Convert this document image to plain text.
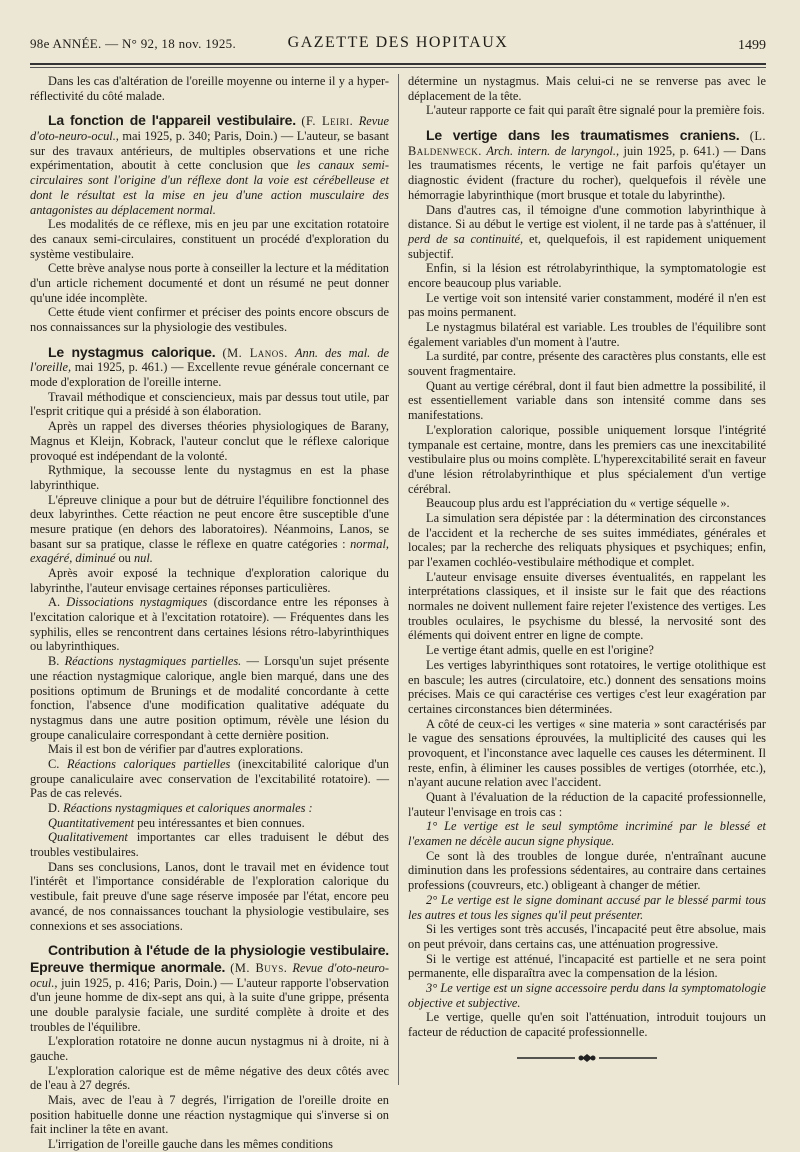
98e ANNÉE. — N° 92, 18 nov. 1925.	GAZETTE DES HOPITAUX	1499

Dans les cas d'altération de l'oreille moyenne ou interne il y a hyper-réflectivité du côté malade.

La fonction de l'appareil vestibulaire. (F. Leiri. Revue d'oto-neuro-ocul., mai 1925, p. 340; Paris, Doin.) — L'auteur, se basant sur des travaux antérieurs, de multiples observations et une riche expérimentation, aboutit à cette conclusion que les canaux semi-circulaires sont l'origine d'un réflexe dont la voie est cérébelleuse et dont le résultat est la mise en jeu d'une action musculaire des antagonistes au déplacement normal.

Les modalités de ce réflexe, mis en jeu par une excitation rotatoire des canaux semi-circulaires, constituent un procédé d'exploration du système vestibulaire.

Cette brève analyse nous porte à conseiller la lecture et la méditation d'un article richement documenté et dont un résumé ne peut donner qu'une idée incomplète.

Cette étude vient confirmer et préciser des points encore obscurs de nos connaissances sur la physiologie des vestibules.

Le nystagmus calorique. (M. Lanos. Ann. des mal. de l'oreille, mai 1925, p. 461.) — Excellente revue générale concernant ce mode d'exploration de l'oreille interne.

Travail méthodique et consciencieux, mais par dessus tout utile, par l'esprit critique qui a présidé à son élaboration.

Après un rappel des diverses théories physiologiques de Barany, Magnus et Kleijn, Kobrack, l'auteur conclut que le réflexe calorique provoqué est indépendant de la volonté.

Rythmique, la secousse lente du nystagmus en est la phase labyrinthique.

L'épreuve clinique a pour but de détruire l'équilibre fonctionnel des deux labyrinthes. Cette réaction ne peut encore être susceptible d'une mesure pratique (en dehors des laboratoires). Néanmoins, Lanos, se basant sur sa pratique, classe le réflexe en quatre catégories : normal, exagéré, diminué ou nul.

Après avoir exposé la technique d'exploration calorique du labyrinthe, l'auteur envisage certaines réponses particulières.

A. Dissociations nystagmiques (discordance entre les réponses à l'excitation calorique et à l'excitation rotatoire). — Fréquentes dans les syphilis, elles se rencontrent dans certaines lésions rétro-labyrinthiques ou labyrinthiques.

B. Réactions nystagmiques partielles. — Lorsqu'un sujet présente une réaction nystagmique calorique, angle bien marqué, dans une des positions optimum de Brunings et de modalité concordante à cette fonction, l'absence d'une modification qualitative adéquate du nystagmus dans une autre position optimum, révèle une lésion du groupe canaliculaire correspondant à cette dernière position.

Mais il est bon de vérifier par d'autres explorations.

C. Réactions caloriques partielles (inexcitabilité calorique d'un groupe canaliculaire avec conservation de l'excitabilité rotatoire). — Pas de cas relevés.

D. Réactions nystagmiques et caloriques anormales :

Quantitativement peu intéressantes et bien connues.

Qualitativement importantes car elles traduisent le début des troubles vestibulaires.

Dans ses conclusions, Lanos, dont le travail met en évidence tout l'intérêt et l'importance considérable de l'exploration calorique du vestibule, fait preuve d'une sage réserve imposée par l'état, encore peu avancé, de nos connaissances touchant la physiologie vestibulaire, ses connexions et ses associations.

Contribution à l'étude de la physiologie vestibulaire. Epreuve thermique anormale. (M. Buys. Revue d'oto-neuro-ocul., juin 1925, p. 416; Paris, Doin.) — L'auteur rapporte l'observation d'un jeune homme de dix-sept ans qui, à la suite d'une grippe, présenta une double paralysie faciale, une surdité complète à droite et des troubles de l'équilibre.

L'exploration rotatoire ne donne aucun nystagmus ni à droite, ni à gauche.

L'exploration calorique est de même négative des deux côtés avec de l'eau à 27 degrés.

Mais, avec de l'eau à 7 degrés, l'irrigation de l'oreille droite en position habituelle donne une réaction nystagmique qui s'inverse si on fait incliner la tête en avant.

L'irrigation de l'oreille gauche dans les mêmes conditions

détermine un nystagmus. Mais celui-ci ne se renverse pas avec le déplacement de la tête.

L'auteur rapporte ce fait qui paraît être signalé pour la première fois.

Le vertige dans les traumatismes craniens. (L. Baldenweck. Arch. intern. de laryngol., juin 1925, p. 641.) — Dans les traumatismes récents, le vertige ne fait parfois qu'étayer un diagnostic évident (fracture du rocher), quelquefois il révèle une hémorragie labyrinthique (mort brusque et totale du labyrinthe).

Dans d'autres cas, il témoigne d'une commotion labyrinthique à distance. Si au début le vertige est violent, il ne tarde pas à s'atténuer, il perd de sa continuité, et, quelquefois, il est rapidement uniquement subjectif.

Enfin, si la lésion est rétrolabyrinthique, la symptomatologie est encore beaucoup plus variable.

Le vertige voit son intensité varier constamment, modéré il n'en est pas moins permanent.

Le nystagmus bilatéral est variable. Les troubles de l'équilibre sont également variables d'un moment à l'autre.

La surdité, par contre, présente des caractères plus constants, elle est souvent fragmentaire.

Quant au vertige cérébral, dont il faut bien admettre la possibilité, il est essentiellement variable dans son intensité comme dans ses manifestations.

L'exploration calorique, possible uniquement lorsque l'intégrité tympanale est certaine, montre, dans les premiers cas une inexcitabilité vestibulaire plus ou moins complète. L'hyperexcitabilité serait en faveur d'une lésion rétrolabyrinthique et plus spécialement d'un vertige cérébral.

Beaucoup plus ardu est l'appréciation du « vertige séquelle ».

La simulation sera dépistée par : la détermination des circonstances de l'accident et la recherche de ses suites immédiates, générales et locales; par la recherche des reliquats physiques et psychiques; enfin, par l'examen cochléo-vestibulaire méthodique et complet.

L'auteur envisage ensuite diverses éventualités, en rappelant les interprétations classiques, et il insiste sur le fait que des réactions normales ne doivent nullement faire rejeter l'existence des vertiges. Les troubles oculaires, le psychisme du blessé, la nervosité sont des éléments qui doivent entrer en ligne de compte.

Le vertige étant admis, quelle en est l'origine?

Les vertiges labyrinthiques sont rotatoires, le vertige otolithique est en bascule; les autres (circulatoire, etc.) donnent des sensations moins précises. Mais ce qui caractérise ces vertiges c'est leur exagération par certaines circonstances bien déterminées.

A côté de ceux-ci les vertiges « sine materia » sont caractérisés par le vague des sensations éprouvées, la multiplicité des causes qui les provoquent, et l'inconstance avec laquelle ces causes les déterminent. Il reste, enfin, à éliminer les causes possibles de vertiges (otorrhée, etc.), n'ayant aucune relation avec l'accident.

Quant à l'évaluation de la réduction de la capacité professionnelle, l'auteur l'envisage en trois cas :

1° Le vertige est le seul symptôme incriminé par le blessé et l'examen ne décèle aucun signe physique.

Ce sont là des troubles de longue durée, n'entraînant aucune diminution dans les professions sédentaires, au contraire dans certaines professions (couvreurs, etc.) obligeant à changer de métier.

2° Le vertige est le signe dominant accusé par le blessé parmi tous les autres et tous les signes qu'il peut présenter.

Si les vertiges sont très accusés, l'incapacité peut être absolue, mais on peut prévoir, dans certains cas, une atténuation progressive.

Si le vertige est atténué, l'incapacité est partielle et ne sera point permanente, elle disparaîtra avec la compensation de la lésion.

3° Le vertige est un signe accessoire perdu dans la symptomatologie objective et subjective.

Le vertige, quelle qu'en soit l'atténuation, introduit toujours un facteur de réduction de capacité professionnelle.
